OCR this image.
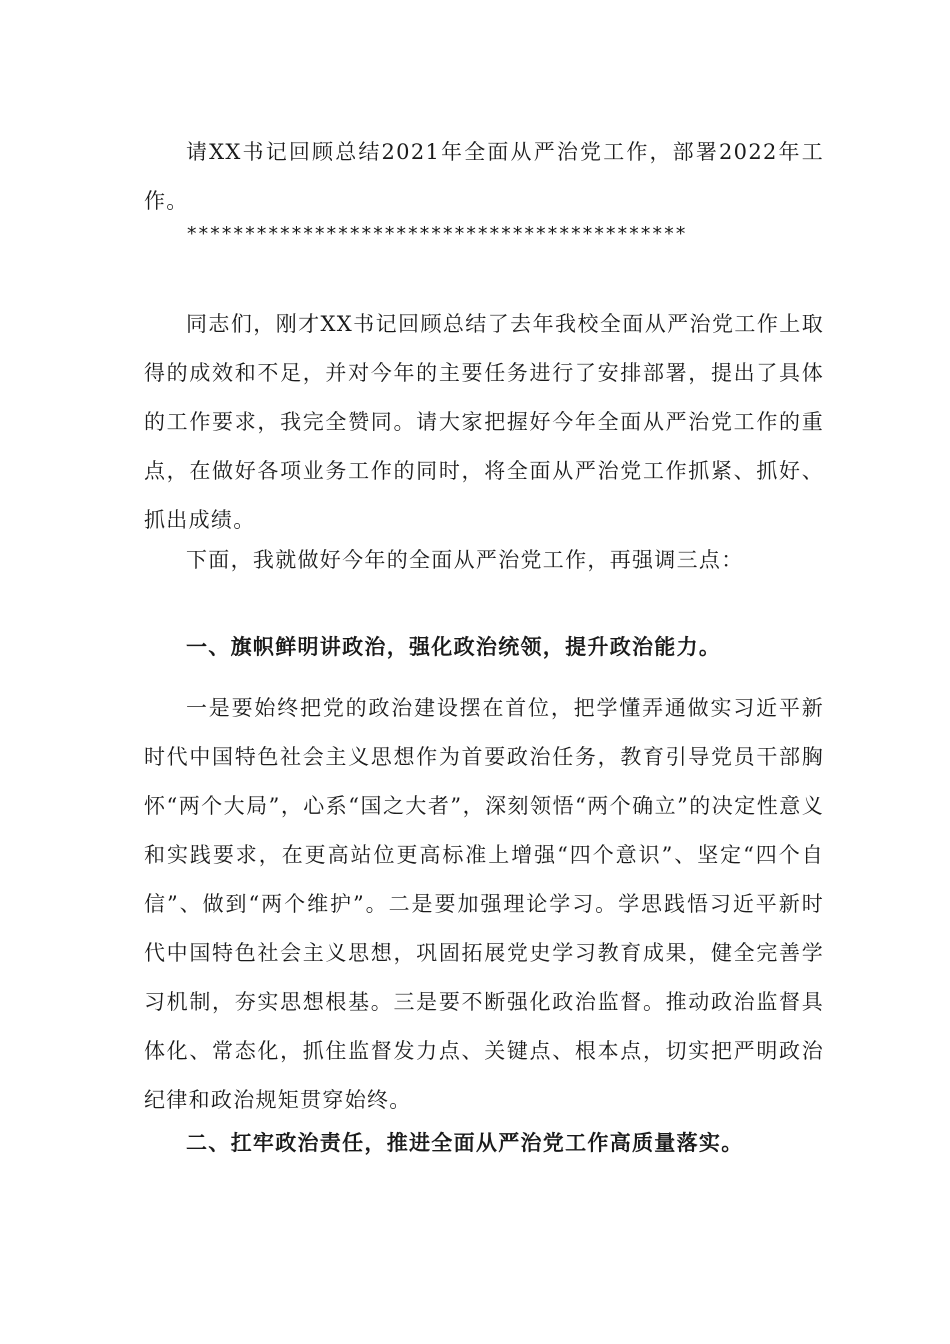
请XX书记回顾总结2021年全面从严治党工作，部署2022年工作。

*******************************************

同志们，刚才XX书记回顾总结了去年我校全面从严治党工作上取得的成效和不足，并对今年的主要任务进行了安排部署，提出了具体的工作要求，我完全赞同。请大家把握好今年全面从严治党工作的重点，在做好各项业务工作的同时，将全面从严治党工作抓紧、抓好、抓出成绩。

下面，我就做好今年的全面从严治党工作，再强调三点：

一、旗帜鲜明讲政治，强化政治统领，提升政治能力。

一是要始终把党的政治建设摆在首位，把学懂弄通做实习近平新时代中国特色社会主义思想作为首要政治任务，教育引导党员干部胸怀“两个大局”，心系“国之大者”，深刻领悟“两个确立”的决定性意义和实践要求，在更高站位更高标准上增强“四个意识”、坚定“四个自信”、做到“两个维护”。二是要加强理论学习。学思践悟习近平新时代中国特色社会主义思想，巩固拓展党史学习教育成果，健全完善学习机制，夯实思想根基。三是要不断强化政治监督。推动政治监督具体化、常态化，抓住监督发力点、关键点、根本点，切实把严明政治纪律和政治规矩贯穿始终。

二、扛牢政治责任，推进全面从严治党工作高质量落实。
